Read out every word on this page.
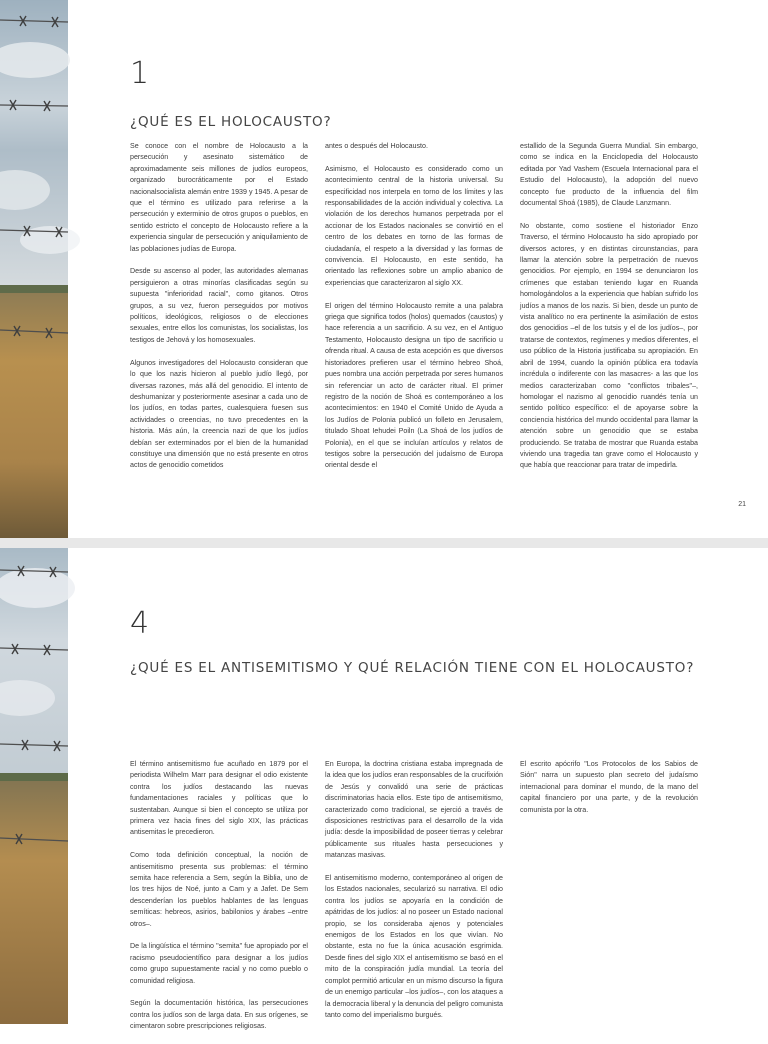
1
¿QUÉ ES EL HOLOCAUSTO?

Se conoce con el nombre de Holocausto a la persecución y asesinato sistemático de aproximadamente seis millones de judíos europeos, organizado burocráticamente por el Estado nacionalsocialista alemán entre 1939 y 1945. A pesar de que el término es utilizado para referirse a la persecución y exterminio de otros grupos o pueblos, en sentido estricto el concepto de Holocausto refiere a la experiencia singular de persecución y aniquilamiento de las poblaciones judías de Europa.

Desde su ascenso al poder, las autoridades alemanas persiguieron a otras minorías clasificadas según su supuesta "inferioridad racial", como gitanos. Otros grupos, a su vez, fueron perseguidos por motivos políticos, ideológicos, religiosos o de elecciones sexuales, entre ellos los comunistas, los socialistas, los testigos de Jehová y los homosexuales.

Algunos investigadores del Holocausto consideran que lo que los nazis hicieron al pueblo judío llegó, por diversas razones, más allá del genocidio. El intento de deshumanizar y posteriormente asesinar a cada uno de los judíos, en todas partes, cualesquiera fuesen sus actividades o creencias, no tuvo precedentes en la historia. Más aún, la creencia nazi de que los judíos debían ser exterminados por el bien de la humanidad constituye una dimensión que no está presente en otros actos de genocidio cometidos

antes o después del Holocausto.

Asimismo, el Holocausto es considerado como un acontecimiento central de la historia universal. Su especificidad nos interpela en torno de los límites y las responsabilidades de la acción individual y colectiva. La violación de los derechos humanos perpetrada por el accionar de los Estados nacionales se convirtió en el centro de los debates en torno de las formas de ciudadanía, el respeto a la diversidad y las formas de convivencia. El Holocausto, en este sentido, ha orientado las reflexiones sobre un amplio abanico de experiencias que caracterizaron al siglo XX.

El origen del término Holocausto remite a una palabra griega que significa todos (holos) quemados (caustos) y hace referencia a un sacrificio. A su vez, en el Antiguo Testamento, Holocausto designa un tipo de sacrificio u ofrenda ritual. A causa de esta acepción es que diversos historiadores prefieren usar el término hebreo Shoá, pues nombra una acción perpetrada por seres humanos sin referenciar un acto de carácter ritual. El primer registro de la noción de Shoá es contemporáneo a los acontecimientos: en 1940 el Comité Unido de Ayuda a los Judíos de Polonia publicó un folleto en Jerusalem, titulado Shoat Iehudei Poiln (La Shoá de los judíos de Polonia), en el que se incluían artículos y relatos de testigos sobre la persecución del judaísmo de Europa oriental desde el

estallido de la Segunda Guerra Mundial. Sin embargo, como se indica en la Enciclopedia del Holocausto editada por Yad Vashem (Escuela Internacional para el Estudio del Holocausto), la adopción del nuevo concepto fue producto de la influencia del film documental Shoá (1985), de Claude Lanzmann.

No obstante, como sostiene el historiador Enzo Traverso, el término Holocausto ha sido apropiado por diversos actores, y en distintas circunstancias, para llamar la atención sobre la perpetración de nuevos genocidios. Por ejemplo, en 1994 se denunciaron los crímenes que estaban teniendo lugar en Ruanda homologándolos a la experiencia que habían sufrido los judíos a manos de los nazis. Si bien, desde un punto de vista analítico no era pertinente la asimilación de estos dos genocidios –el de los tutsis y el de los judíos–, por tratarse de contextos, regímenes y medios diferentes, el uso público de la Historia justificaba su apropiación. En abril de 1994, cuando la opinión pública era todavía incrédula o indiferente con las masacres- a las que los medios caracterizaban como "conflictos tribales"–, homologar el nazismo al genocidio ruandés tenía un sentido político específico: el de apoyarse sobre la conciencia histórica del mundo occidental para llamar la atención sobre un genocidio que se estaba produciendo. Se trataba de mostrar que Ruanda estaba viviendo una tragedia tan grave como el Holocausto y que había que reaccionar para tratar de impedirla.

21
4
¿QUÉ ES EL ANTISEMITISMO Y QUÉ RELACIÓN TIENE CON EL HOLOCAUSTO?

El término antisemitismo fue acuñado en 1879 por el periodista Wilhelm Marr para designar el odio existente contra los judíos destacando las nuevas fundamentaciones raciales y políticas que lo sustentaban. Aunque si bien el concepto se utiliza por primera vez hacia fines del siglo XIX, las prácticas antisemitas le precedieron.

Como toda definición conceptual, la noción de antisemitismo presenta sus problemas: el término semita hace referencia a Sem, según la Biblia, uno de los tres hijos de Noé, junto a Cam y a Jafet. De Sem descenderían los pueblos hablantes de las lenguas semíticas: hebreos, asirios, babilonios y árabes –entre otros–.

De la lingüística el término "semita" fue apropiado por el racismo pseudocientífico para designar a los judíos como grupo supuestamente racial y no como pueblo o comunidad religiosa.

Según la documentación histórica, las persecuciones contra los judíos son de larga data. En sus orígenes, se cimentaron sobre prescripciones religiosas.

En Europa, la doctrina cristiana estaba impregnada de la idea que los judíos eran responsables de la crucifixión de Jesús y convalidó una serie de prácticas discriminatorias hacia ellos. Este tipo de antisemitismo, caracterizado como tradicional, se ejerció a través de disposiciones restrictivas para el desarrollo de la vida judía: desde la imposibilidad de poseer tierras y celebrar públicamente sus rituales hasta persecuciones y matanzas masivas.

El antisemitismo moderno, contemporáneo al origen de los Estados nacionales, secularizó su narrativa. El odio contra los judíos se apoyaría en la condición de apátridas de los judíos: al no poseer un Estado nacional propio, se los consideraba ajenos y potenciales enemigos de los Estados en los que vivían. No obstante, esta no fue la única acusación esgrimida. Desde fines del siglo XIX el antisemitismo se basó en el mito de la conspiración judía mundial. La teoría del complot permitió articular en un mismo discurso la figura de un enemigo particular –los judíos–, con los ataques a la democracia liberal y la denuncia del peligro comunista tanto como del imperialismo burgués.

El escrito apócrifo "Los Protocolos de los Sabios de Sión" narra un supuesto plan secreto del judaísmo internacional para dominar el mundo, de la mano del capital financiero por una parte, y de la revolución comunista por la otra.
